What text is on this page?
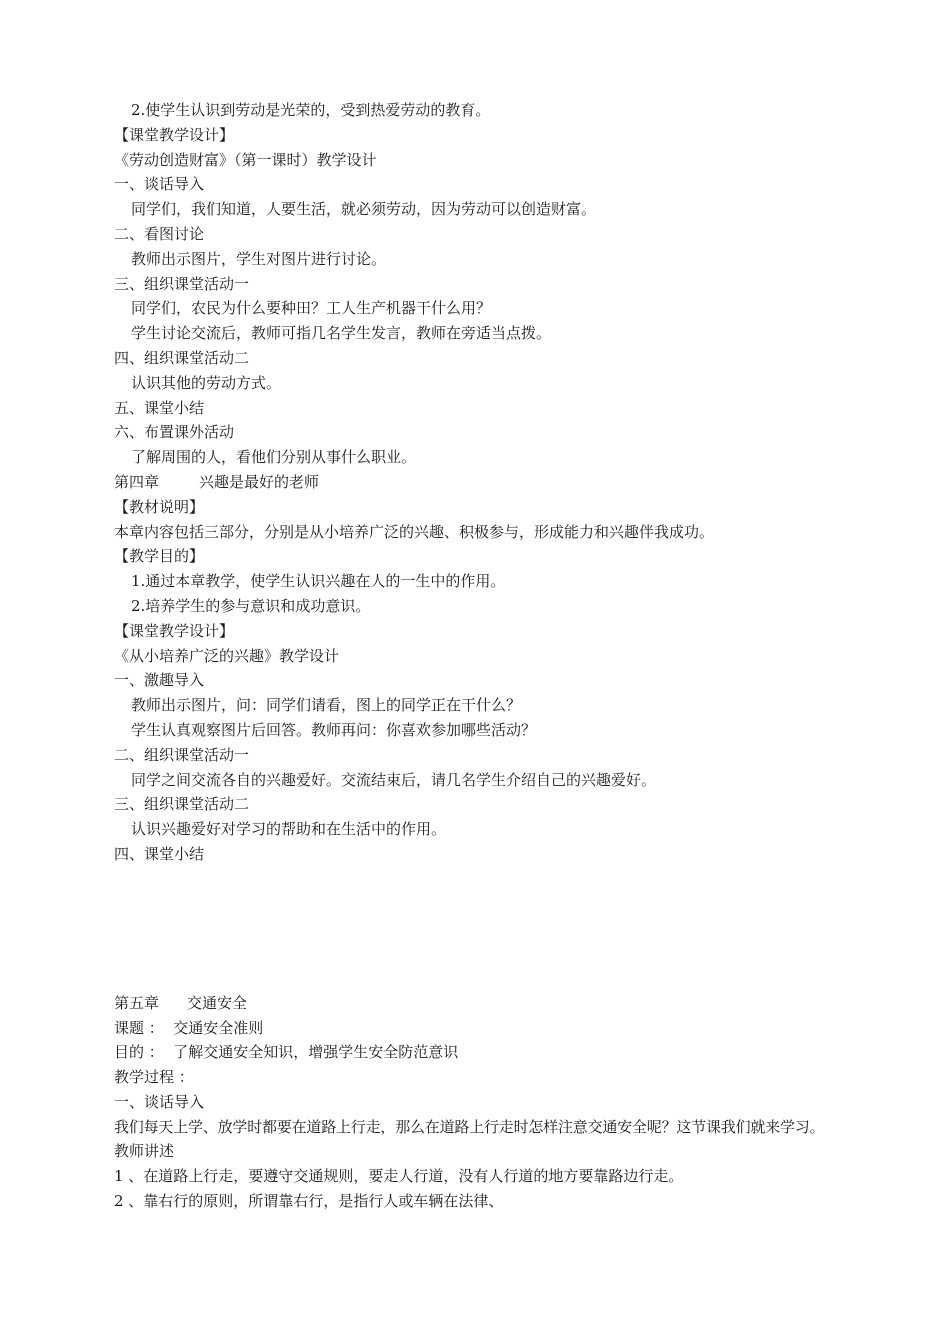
2.使学生认识到劳动是光荣的，受到热爱劳动的教育。
【课堂教学设计】
《劳动创造财富》（第一课时）教学设计
一、谈话导入
同学们，我们知道，人要生活，就必须劳动，因为劳动可以创造财富。
二、看图讨论
教师出示图片，学生对图片进行讨论。
三、组织课堂活动一
同学们，农民为什么要种田？工人生产机器干什么用？
学生讨论交流后，教师可指几名学生发言，教师在旁适当点拨。
四、组织课堂活动二
认识其他的劳动方式。
五、课堂小结
六、布置课外活动
了解周围的人，看他们分别从事什么职业。
第四章	兴趣是最好的老师
【教材说明】
本章内容包括三部分，分别是从小培养广泛的兴趣、积极参与，形成能力和兴趣伴我成功。
【教学目的】
1.通过本章教学，使学生认识兴趣在人的一生中的作用。
2.培养学生的参与意识和成功意识。
【课堂教学设计】
《从小培养广泛的兴趣》教学设计
一、激趣导入
教师出示图片，问：同学们请看，图上的同学正在干什么？
学生认真观察图片后回答。教师再问：你喜欢参加哪些活动？
二、组织课堂活动一
同学之间交流各自的兴趣爱好。交流结束后，请几名学生介绍自己的兴趣爱好。
三、组织课堂活动二
认识兴趣爱好对学习的帮助和在生活中的作用。
四、课堂小结
第五章 交通安全
课题 ：  交通安全准则
目的 ：  了解交通安全知识，增强学生安全防范意识
教学过程 ：
一、谈话导入
我们每天上学、放学时都要在道路上行走，那么在道路上行走时怎样注意交通安全呢？这节课我们就来学习。
教师讲述
1 、在道路上行走，要遵守交通规则，要走人行道，没有人行道的地方要靠路边行走。
2 、靠右行的原则，所谓靠右行，是指行人或车辆在法律、
